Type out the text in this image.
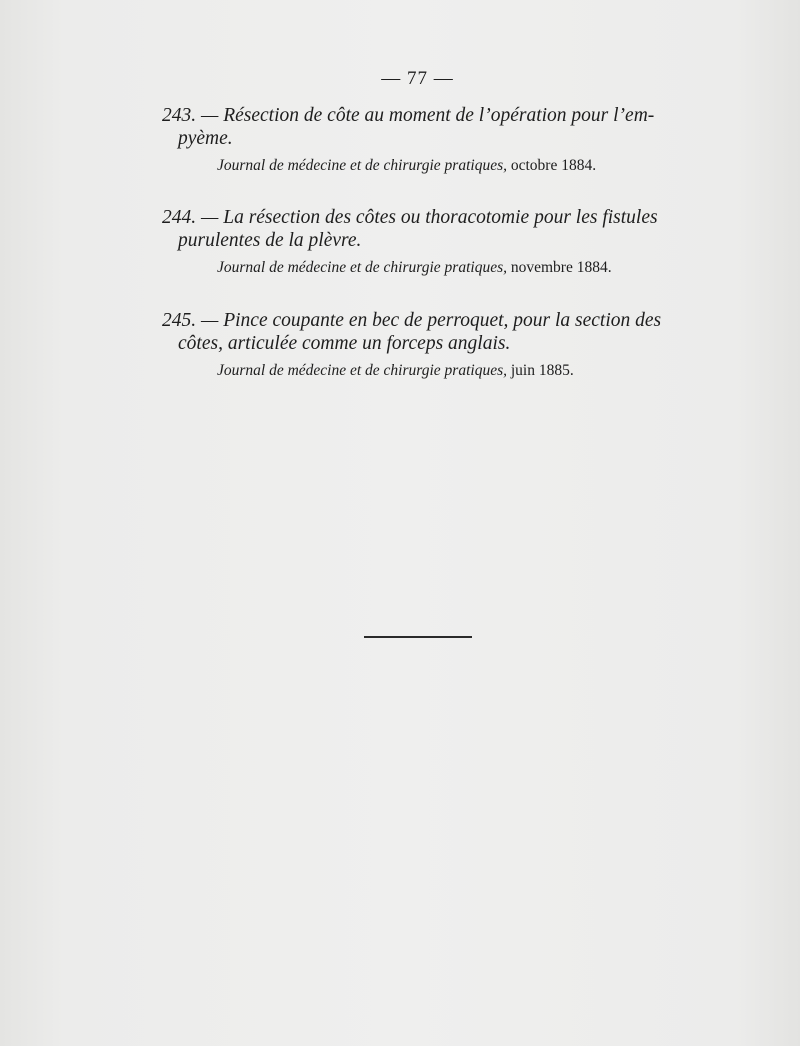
— 77 —

243. — Résection de côte au moment de l’opération pour l’em-
pyème.

Journal de médecine et de chirurgie pratiques, octobre 1884.

244. — La résection des côtes ou thoracotomie pour les fistules
purulentes de la plèvre.

Journal de médecine et de chirurgie pratiques, novembre 1884.

245. — Pince coupante en bec de perroquet, pour la section des
côtes, articulée comme un forceps anglais.

Journal de médecine et de chirurgie pratiques, juin 1885.
